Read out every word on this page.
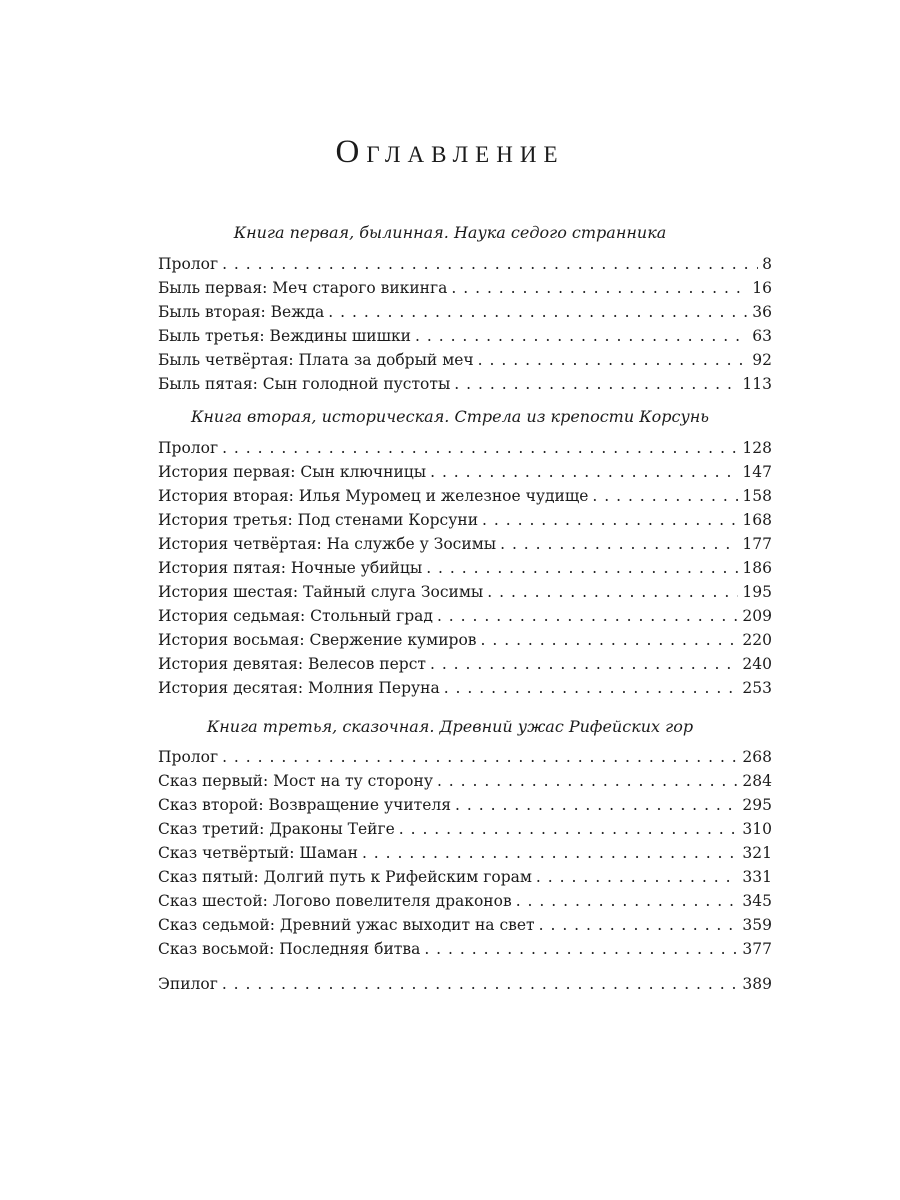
Оглавление
Книга первая, былинная. Наука седого странника
Пролог . . .	8
Быль первая: Меч старого викинга . . .	16
Быль вторая: Вежда . . .	36
Быль третья: Веждины шишки . . .	63
Быль четвёртая: Плата за добрый меч . . .	92
Быль пятая: Сын голодной пустоты . . .	113
Книга вторая, историческая. Стрела из крепости Корсунь
Пролог . . .	128
История первая: Сын ключницы . . .	147
История вторая: Илья Муромец и железное чудище . . .	158
История третья: Под стенами Корсуни . . .	168
История четвёртая: На службе у Зосимы . . .	177
История пятая: Ночные убийцы . . .	186
История шестая: Тайный слуга Зосимы . . .	195
История седьмая: Стольный град . . .	209
История восьмая: Свержение кумиров . . .	220
История девятая: Велесов перст . . .	240
История десятая: Молния Перуна . . .	253
Книга третья, сказочная. Древний ужас Рифейских гор
Пролог . . .	268
Сказ первый: Мост на ту сторону . . .	284
Сказ второй: Возвращение учителя . . .	295
Сказ третий: Драконы Тейге . . .	310
Сказ четвёртый: Шаман . . .	321
Сказ пятый: Долгий путь к Рифейским горам . . .	331
Сказ шестой: Логово повелителя драконов . . .	345
Сказ седьмой: Древний ужас выходит на свет . . .	359
Сказ восьмой: Последняя битва . . .	377
Эпилог . . .	389
